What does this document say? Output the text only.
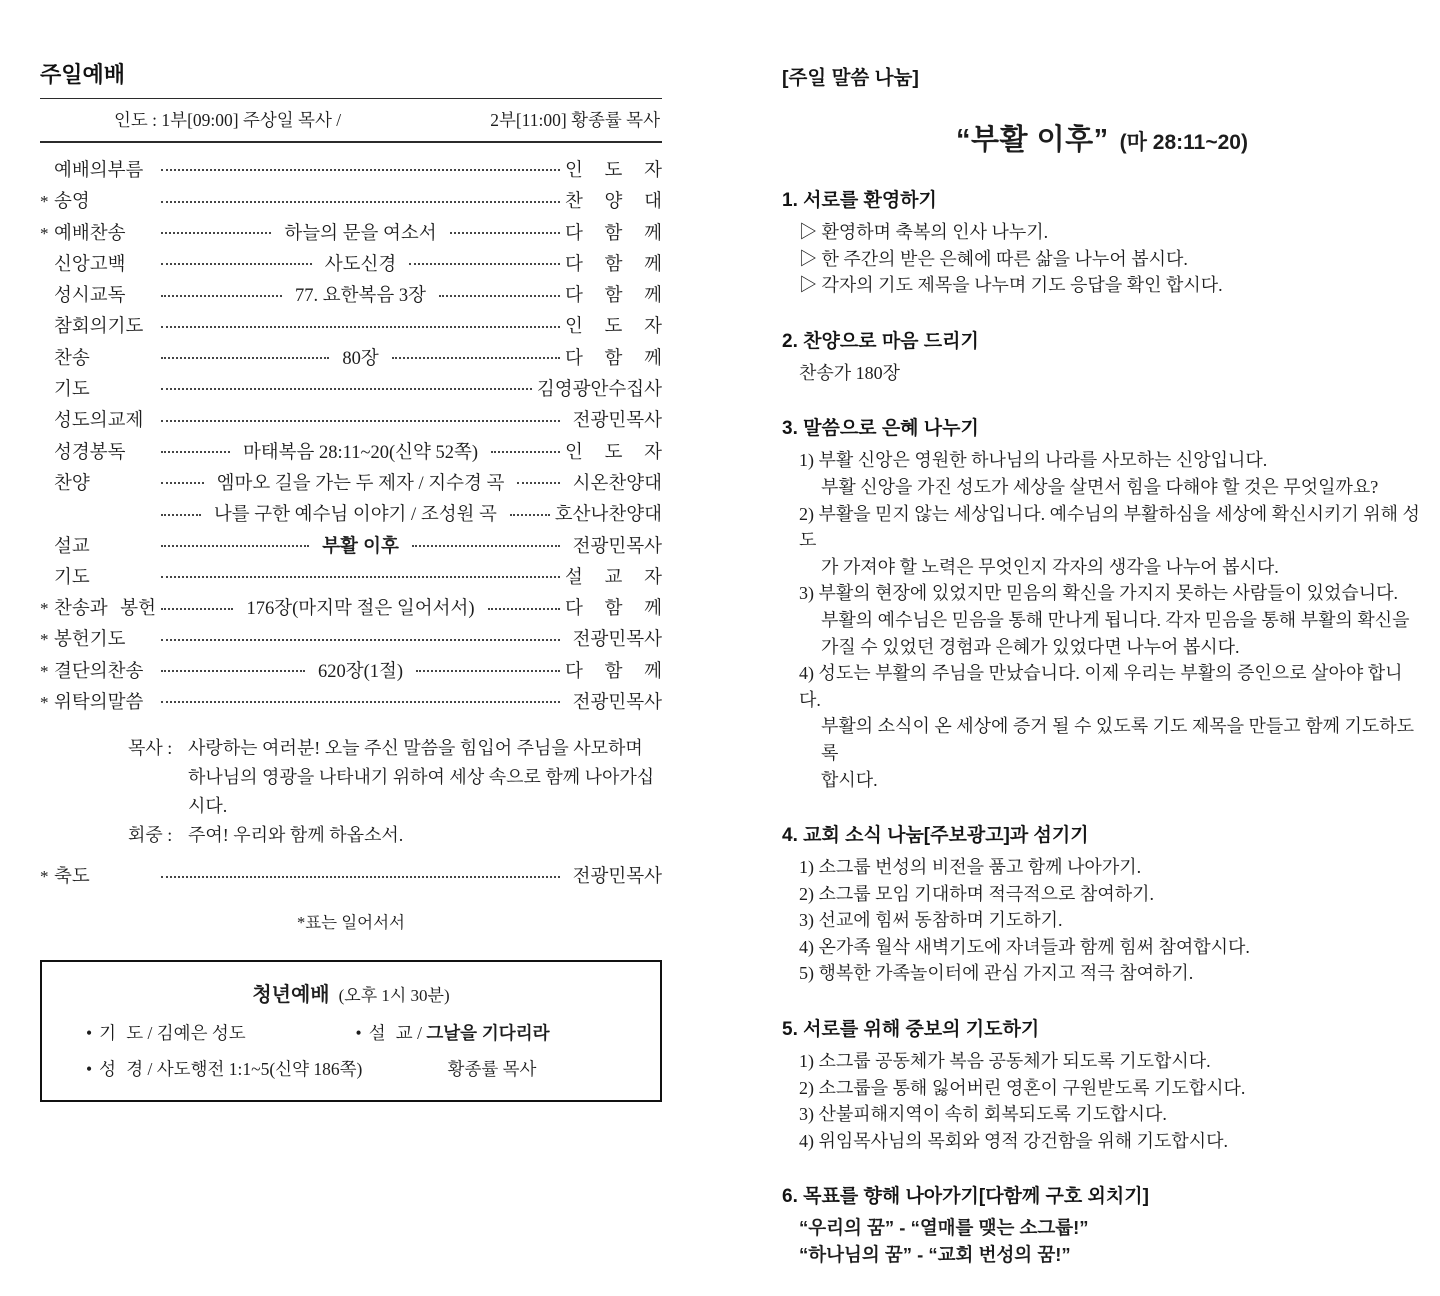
주일예배
인도 : 1부[09:00] 주상일 목사 /	2부[11:00] 황종률 목사
예배의부름	인 도 자
* 송영	찬 양 대
* 예배찬송	하늘의 문을 여소서	다 함 께
신앙고백	사도신경	다 함 께
성시교독	77. 요한복음 3장	다 함 께
참회의기도	인 도 자
찬송	80장	다 함 께
기도	김영광안수집사
성도의교제	전광민목사
성경봉독	마태복음 28:11~20(신약 52쪽)	인 도 자
찬양	엠마오 길을 가는 두 제자 / 지수경 곡	시온찬양대
나를 구한 예수님 이야기 / 조성원 곡	호산나찬양대
설교	부활 이후	전광민목사
기도	설 교 자
* 찬송과 봉헌	176장(마지막 절은 일어서서)	다 함 께
* 봉헌기도	전광민목사
* 결단의찬송	620장(1절)	다 함 께
* 위탁의말씀	전광민목사
목사 : 사랑하는 여러분! 오늘 주신 말씀을 힘입어 주님을 사모하며
하나님의 영광을 나타내기 위하여 세상 속으로 함께 나아가십시다.
회중 : 주여! 우리와 함께 하옵소서.
* 축도	전광민목사
*표는 일어서서
청년예배 (오후 1시 30분)
• 기 도 / 김예은 성도	• 설 교 / 그날을 기다리라
• 성 경 / 사도행전 1:1~5(신약 186쪽)	황종률 목사
[주일 말씀 나눔]
“부활 이후” (마 28:11~20)
1. 서로를 환영하기
▷ 환영하며 축복의 인사 나누기.
▷ 한 주간의 받은 은혜에 따른 삶을 나누어 봅시다.
▷ 각자의 기도 제목을 나누며 기도 응답을 확인 합시다.
2. 찬양으로 마음 드리기
찬송가 180장
3. 말씀으로 은혜 나누기
1) 부활 신앙은 영원한 하나님의 나라를 사모하는 신앙입니다.
부활 신앙을 가진 성도가 세상을 살면서 힘을 다해야 할 것은 무엇일까요?
2) 부활을 믿지 않는 세상입니다. 예수님의 부활하심을 세상에 확신시키기 위해 성도
가 가져야 할 노력은 무엇인지 각자의 생각을 나누어 봅시다.
3) 부활의 현장에 있었지만 믿음의 확신을 가지지 못하는 사람들이 있었습니다.
부활의 예수님은 믿음을 통해 만나게 됩니다. 각자 믿음을 통해 부활의 확신을
가질 수 있었던 경험과 은혜가 있었다면 나누어 봅시다.
4) 성도는 부활의 주님을 만났습니다. 이제 우리는 부활의 증인으로 살아야 합니다.
부활의 소식이 온 세상에 증거 될 수 있도록 기도 제목을 만들고 함께 기도하도록
합시다.
4. 교회 소식 나눔[주보광고]과 섬기기
1) 소그룹 번성의 비전을 품고 함께 나아가기.
2) 소그룹 모임 기대하며 적극적으로 참여하기.
3) 선교에 힘써 동참하며 기도하기.
4) 온가족 월삭 새벽기도에 자녀들과 함께 힘써 참여합시다.
5) 행복한 가족놀이터에 관심 가지고 적극 참여하기.
5. 서로를 위해 중보의 기도하기
1) 소그룹 공동체가 복음 공동체가 되도록 기도합시다.
2) 소그룹을 통해 잃어버린 영혼이 구원받도록 기도합시다.
3) 산불피해지역이 속히 회복되도록 기도합시다.
4) 위임목사님의 목회와 영적 강건함을 위해 기도합시다.
6. 목표를 향해 나아가기[다함께 구호 외치기]
“우리의 꿈” - “열매를 맺는 소그룹!”
“하나님의 꿈” - “교회 번성의 꿈!”
